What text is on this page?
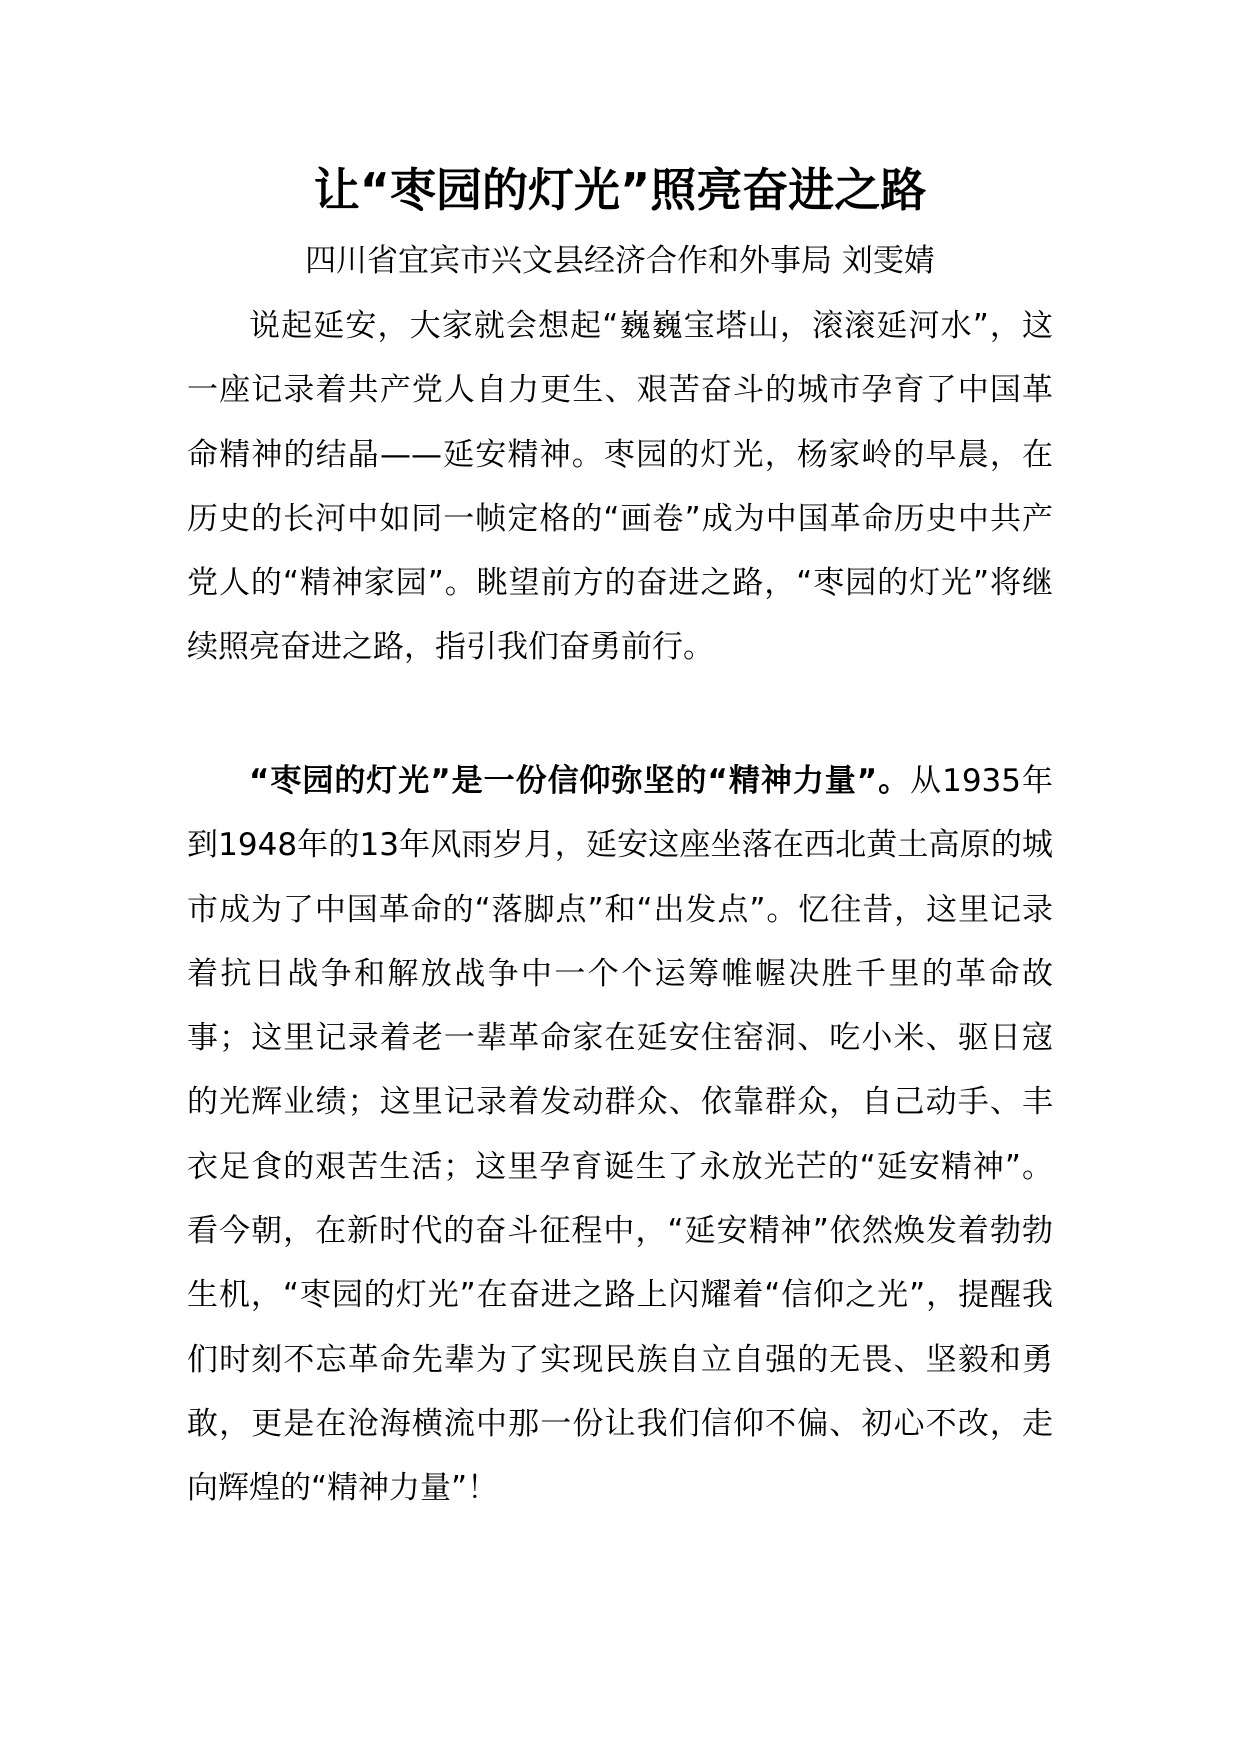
让“枣园的灯光”照亮奋进之路

四川省宜宾市兴文县经济合作和外事局 刘雯婧

说起延安，大家就会想起“巍巍宝塔山，滚滚延河水”，这一座记录着共产党人自力更生、艰苦奋斗的城市孕育了中国革命精神的结晶——延安精神。枣园的灯光，杨家岭的早晨，在历史的长河中如同一帧定格的“画卷”成为中国革命历史中共产党人的“精神家园”。眺望前方的奋进之路，“枣园的灯光”将继续照亮奋进之路，指引我们奋勇前行。

“枣园的灯光”是一份信仰弥坚的“精神力量”。从1935年到1948年的13年风雨岁月，延安这座坐落在西北黄土高原的城市成为了中国革命的“落脚点”和“出发点”。忆往昔，这里记录着抗日战争和解放战争中一个个运筹帷幄决胜千里的革命故事；这里记录着老一辈革命家在延安住窑洞、吃小米、驱日寇的光辉业绩；这里记录着发动群众、依靠群众，自己动手、丰衣足食的艰苦生活；这里孕育诞生了永放光芒的“延安精神”。看今朝，在新时代的奋斗征程中，“延安精神”依然焕发着勃勃生机，“枣园的灯光”在奋进之路上闪耀着“信仰之光”，提醒我们时刻不忘革命先辈为了实现民族自立自强的无畏、坚毅和勇敢，更是在沧海横流中那一份让我们信仰不偏、初心不改，走向辉煌的“精神力量”！
